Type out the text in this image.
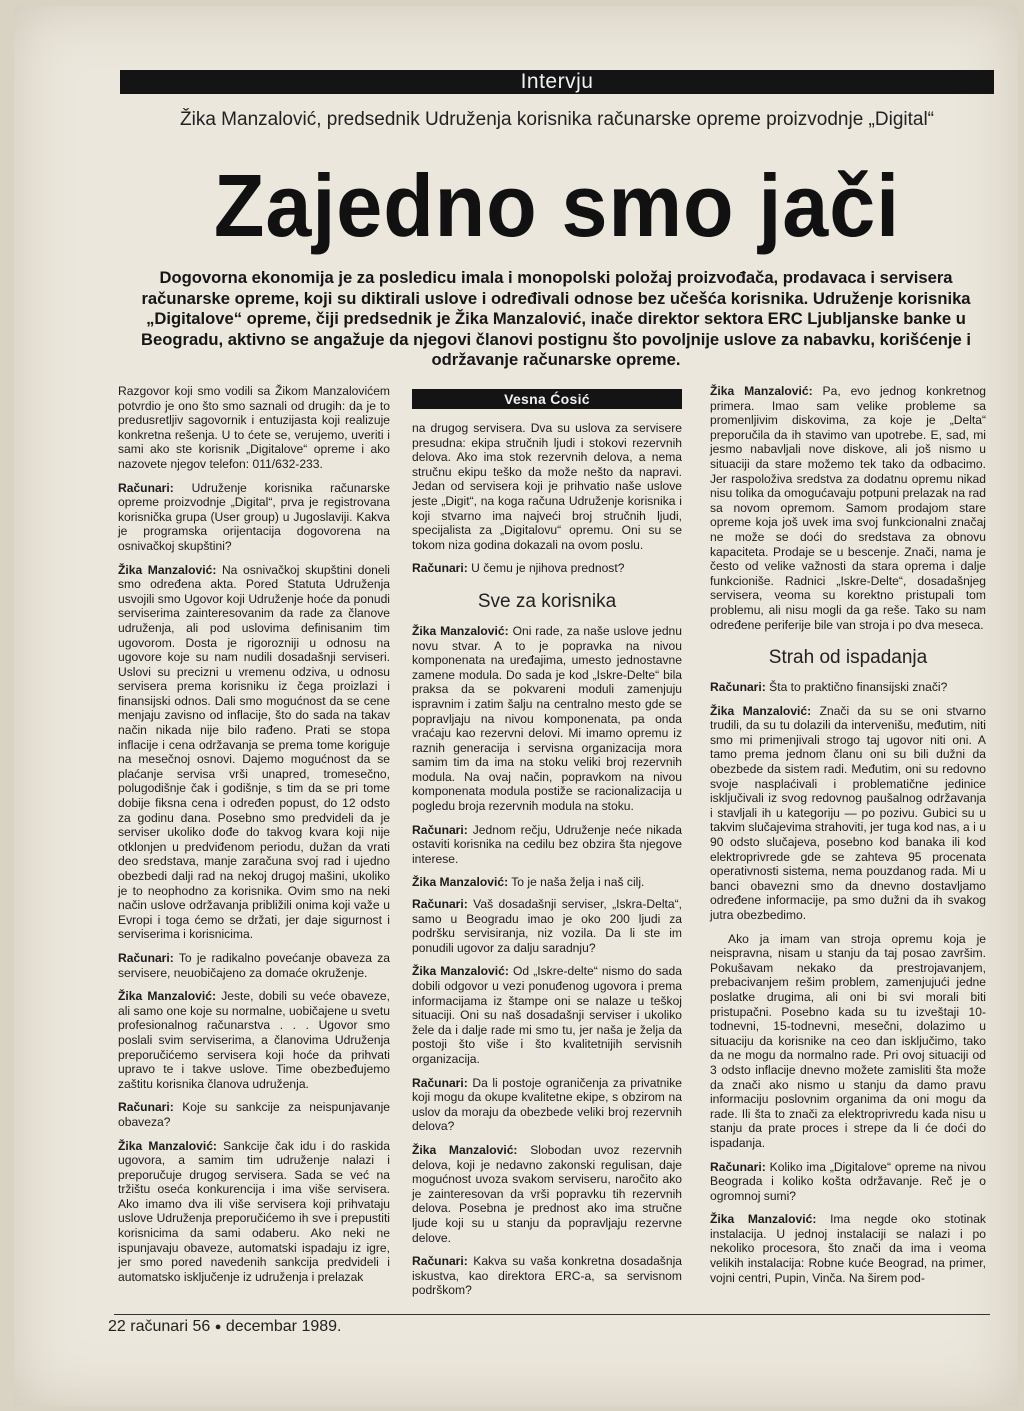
Intervju
Žika Manzalović, predsednik Udruženja korisnika računarske opreme proizvodnje „Digital“
Zajedno smo jači
Dogovorna ekonomija je za posledicu imala i monopolski položaj proizvođača, prodavaca i servisera računarske opreme, koji su diktirali uslove i određivali odnose bez učešća korisnika. Udruženje korisnika „Digitalove“ opreme, čiji predsednik je Žika Manzalović, inače direktor sektora ERC Ljubljanske banke u Beogradu, aktivno se angažuje da njegovi članovi postignu što povoljnije uslove za nabavku, korišćenje i održavanje računarske opreme.

Razgovor koji smo vodili sa Žikom Manzalovićem potvrdio je ono što smo saznali od drugih: da je to predusretljiv sagovornik i entuzijasta koji realizuje konkretna rešenja. U to ćete se, verujemo, uveriti i sami ako ste korisnik „Digitalove“ opreme i ako nazovete njegov telefon: 011/632-233.

Računari: Udruženje korisnika računarske opreme proizvodnje „Digital“, prva je registrovana korisnička grupa (User group) u Jugoslaviji. Kakva je programska orijentacija dogovorena na osnivačkoj skupštini?

Žika Manzalović: Na osnivačkoj skupštini doneli smo određena akta. Pored Statuta Udruženja usvojili smo Ugovor koji Udruženje hoće da ponudi serviserima zainteresovanim da rade za članove udruženja, ali pod uslovima definisanim tim ugovorom. Dosta je rigorozniji u odnosu na ugovore koje su nam nudili dosadašnji serviseri. Uslovi su precizni u vremenu odziva, u odnosu servisera prema korisniku iz čega proizlazi i finansijski odnos. Dali smo mogućnost da se cene menjaju zavisno od inflacije, što do sada na takav način nikada nije bilo rađeno. Prati se stopa inflacije i cena održavanja se prema tome koriguje na mesečnoj osnovi. Dajemo mogućnost da se plaćanje servisa vrši unapred, tromesečno, polugodišnje čak i godišnje, s tim da se pri tome dobije fiksna cena i određen popust, do 12 odsto za godinu dana. Posebno smo predvideli da je serviser ukoliko dođe do takvog kvara koji nije otklonjen u predviđenom periodu, dužan da vrati deo sredstava, manje zaračuna svoj rad i ujedno obezbedi dalji rad na nekoj drugoj mašini, ukoliko je to neophodno za korisnika. Ovim smo na neki način uslove održavanja približili onima koji važe u Evropi i toga ćemo se držati, jer daje sigurnost i serviserima i korisnicima.

Računari: To je radikalno povećanje obaveza za servisere, neuobičajeno za domaće okruženje.

Žika Manzalović: Jeste, dobili su veće obaveze, ali samo one koje su normalne, uobičajene u svetu profesionalnog računarstva . . . Ugovor smo poslali svim serviserima, a članovima Udruženja preporučićemo servisera koji hoće da prihvati upravo te i takve uslove. Time obezbeđujemo zaštitu korisnika članova udruženja.

Računari: Koje su sankcije za neispunjavanje obaveza?

Žika Manzalović: Sankcije čak idu i do raskida ugovora, a samim tim udruženje nalazi i preporučuje drugog servisera. Sada se već na tržištu oseća konkurencija i ima više servisera. Ako imamo dva ili više servisera koji prihvataju uslove Udruženja preporučićemo ih sve i prepustiti korisnicima da sami odaberu. Ako neki ne ispunjavaju obaveze, automatski ispadaju iz igre, jer smo pored navedenih sankcija predvideli i automatsko isključenje iz udruženja i prelazak

Vesna Ćosić

na drugog servisera. Dva su uslova za servisere presudna: ekipa stručnih ljudi i stokovi rezervnih delova. Ako ima stok rezervnih delova, a nema stručnu ekipu teško da može nešto da napravi. Jedan od servisera koji je prihvatio naše uslove jeste „Digit“, na koga računa Udruženje korisnika i koji stvarno ima najveći broj stručnih ljudi, specijalista za „Digitalovu“ opremu. Oni su se tokom niza godina dokazali na ovom poslu.

Računari: U čemu je njihova prednost?

Sve za korisnika

Žika Manzalović: Oni rade, za naše uslove jednu novu stvar. A to je popravka na nivou komponenata na uređajima, umesto jednostavne zamene modula. Do sada je kod „Iskre-Delte“ bila praksa da se pokvareni moduli zamenjuju ispravnim i zatim šalju na centralno mesto gde se popravljaju na nivou komponenata, pa onda vraćaju kao rezervni delovi. Mi imamo opremu iz raznih generacija i servisna organizacija mora samim tim da ima na stoku veliki broj rezervnih modula. Na ovaj način, popravkom na nivou komponenata modula postiže se racionalizacija u pogledu broja rezervnih modula na stoku.

Računari: Jednom rečju, Udruženje neće nikada ostaviti korisnika na cedilu bez obzira šta njegove interese.

Žika Manzalović: To je naša želja i naš cilj.

Računari: Vaš dosadašnji serviser, „Iskra-Delta“, samo u Beogradu imao je oko 200 ljudi za podršku servisiranja, niz vozila. Da li ste im ponudili ugovor za dalju saradnju?

Žika Manzalović: Od „Iskre-delte“ nismo do sada dobili odgovor u vezi ponuđenog ugovora i prema informacijama iz štampe oni se nalaze u teškoj situaciji. Oni su naš dosadašnji serviser i ukoliko žele da i dalje rade mi smo tu, jer naša je želja da postoji što više i što kvalitetnijih servisnih organizacija.

Računari: Da li postoje ograničenja za privatnike koji mogu da okupe kvalitetne ekipe, s obzirom na uslov da moraju da obezbede veliki broj rezervnih delova?

Žika Manzalović: Slobodan uvoz rezervnih delova, koji je nedavno zakonski regulisan, daje mogućnost uvoza svakom serviseru, naročito ako je zainteresovan da vrši popravku tih rezervnih delova. Posebna je prednost ako ima stručne ljude koji su u stanju da popravljaju rezervne delove.

Računari: Kakva su vaša konkretna dosadašnja iskustva, kao direktora ERC-a, sa servisnom podrškom?

Žika Manzalović: Pa, evo jednog konkretnog primera. Imao sam velike probleme sa promenljivim diskovima, za koje je „Delta“ preporučila da ih stavimo van upotrebe. E, sad, mi jesmo nabavljali nove diskove, ali još nismo u situaciji da stare možemo tek tako da odbacimo. Jer raspoloživa sredstva za dodatnu opremu nikad nisu tolika da omogućavaju potpuni prelazak na rad sa novom opremom. Samom prodajom stare opreme koja još uvek ima svoj funkcionalni značaj ne može se doći do sredstava za obnovu kapaciteta. Prodaje se u bescenje. Znači, nama je često od velike važnosti da stara oprema i dalje funkcioniše. Radnici „Iskre-Delte“, dosadašnjeg servisera, veoma su korektno pristupali tom problemu, ali nisu mogli da ga reše. Tako su nam određene periferije bile van stroja i po dva meseca.

Strah od ispadanja

Računari: Šta to praktično finansijski znači?

Žika Manzalović: Znači da su se oni stvarno trudili, da su tu dolazili da intervenišu, međutim, niti smo mi primenjivali strogo taj ugovor niti oni. A tamo prema jednom članu oni su bili dužni da obezbede da sistem radi. Međutim, oni su redovno svoje nasplaćivali i problematične jedinice isključivali iz svog redovnog paušalnog održavanja i stavljali ih u kategoriju — po pozivu. Gubici su u takvim slučajevima strahoviti, jer tuga kod nas, a i u 90 odsto slučajeva, posebno kod banaka ili kod elektroprivrede gde se zahteva 95 procenata operativnosti sistema, nema pouzdanog rada. Mi u banci obavezni smo da dnevno dostavljamo određene informacije, pa smo dužni da ih svakog jutra obezbedimo.

Ako ja imam van stroja opremu koja je neispravna, nisam u stanju da taj posao završim. Pokušavam nekako da prestrojavanjem, prebacivanjem rešim problem, zamenjujući jedne poslatke drugima, ali oni bi svi morali biti pristupačni. Posebno kada su tu izveštaji 10-todnevni, 15-todnevni, mesečni, dolazimo u situaciju da korisnike na ceo dan isključimo, tako da ne mogu da normalno rade. Pri ovoj situaciji od 3 odsto inflacije dnevno možete zamisliti šta može da znači ako nismo u stanju da damo pravu informaciju poslovnim organima da oni mogu da rade. Ili šta to znači za elektroprivredu kada nisu u stanju da prate proces i strepe da li će doći do ispadanja.

Računari: Koliko ima „Digitalove“ opreme na nivou Beograda i koliko košta održavanje. Reč je o ogromnoj sumi?

Žika Manzalović: Ima negde oko stotinak instalacija. U jednoj instalaciji se nalazi i po nekoliko procesora, što znači da ima i veoma velikih instalacija: Robne kuće Beograd, na primer, vojni centri, Pupin, Vinča. Na širem pod-

22 računari 56 ● decembar 1989.
